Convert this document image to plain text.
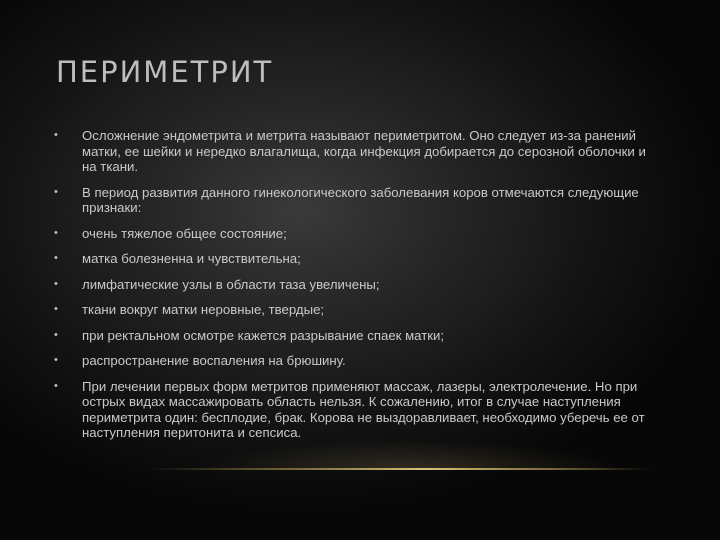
ПЕРИМЕТРИТ
• Осложнение эндометрита и метрита называют периметритом. Оно следует из-за ранений матки, ее шейки и нередко влагалища, когда инфекция добирается до серозной оболочки и на ткани.
• В период развития данного гинекологического заболевания коров отмечаются следующие признаки:
• очень тяжелое общее состояние;
• матка болезненна и чувствительна;
• лимфатические узлы в области таза увеличены;
• ткани вокруг матки неровные, твердые;
• при ректальном осмотре кажется разрывание спаек матки;
• распространение воспаления на брюшину.
• При лечении первых форм метритов применяют массаж, лазеры, электролечение. Но при острых видах массажировать область нельзя. К сожалению, итог в случае наступления периметрита один: бесплодие, брак. Корова не выздоравливает, необходимо уберечь ее от наступления перитонита и сепсиса.
